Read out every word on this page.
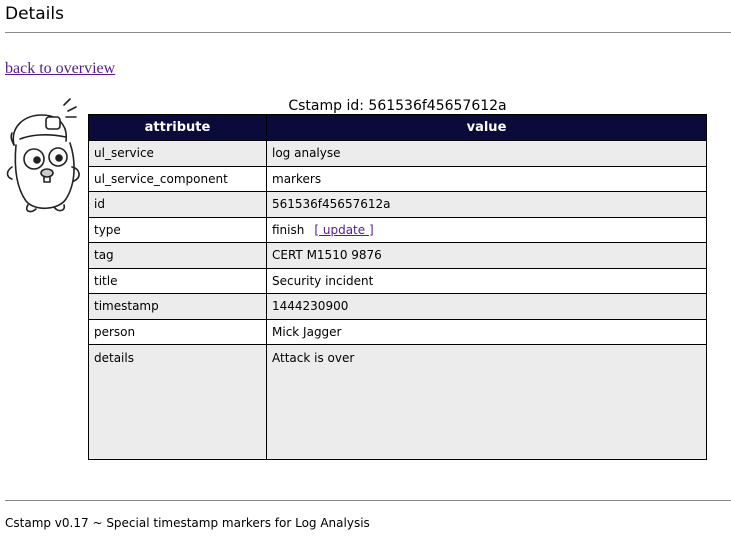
Details
back to overview
Cstamp id: 561536f45657612a
attribute	value
ul_service	log analyse
ul_service_component	markers
id	561536f45657612a
type	finish [ update ]
tag	CERT M1510 9876
title	Security incident
timestamp	1444230900
person	Mick Jagger
details	Attack is over
Cstamp v0.17 ~ Special timestamp markers for Log Analysis
